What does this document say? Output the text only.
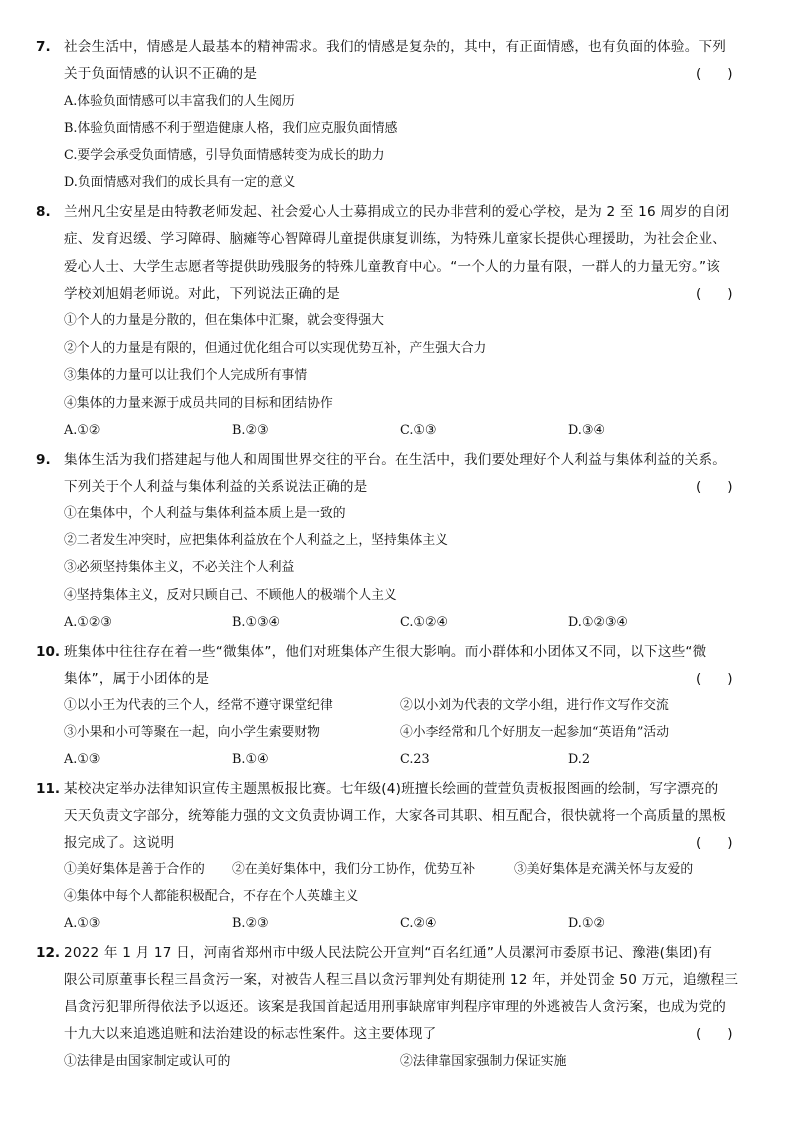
7. 社会生活中，情感是人最基本的精神需求。我们的情感是复杂的，其中，有正面情感，也有负面的体验。下列
关于负面情感的认识不正确的是	(      )
A.体验负面情感可以丰富我们的人生阅历
B.体验负面情感不利于塑造健康人格，我们应克服负面情感
C.要学会承受负面情感，引导负面情感转变为成长的助力
D.负面情感对我们的成长具有一定的意义
8. 兰州凡尘安星是由特教老师发起、社会爱心人士募捐成立的民办非营利的爱心学校，是为 2 至 16 周岁的自闭
症、发育迟缓、学习障碍、脑瘫等心智障碍儿童提供康复训练，为特殊儿童家长提供心理援助，为社会企业、
爱心人士、大学生志愿者等提供助残服务的特殊儿童教育中心。“一个人的力量有限，一群人的力量无穷。”该
学校刘旭娟老师说。对此，下列说法正确的是	(      )
①个人的力量是分散的，但在集体中汇聚，就会变得强大
②个人的力量是有限的，但通过优化组合可以实现优势互补，产生强大合力
③集体的力量可以让我们个人完成所有事情
④集体的力量来源于成员共同的目标和团结协作
A.①②	B.②③	C.①③	D.③④
9. 集体生活为我们搭建起与他人和周围世界交往的平台。在生活中，我们要处理好个人利益与集体利益的关系。
下列关于个人利益与集体利益的关系说法正确的是	(      )
①在集体中，个人利益与集体利益本质上是一致的
②二者发生冲突时，应把集体利益放在个人利益之上，坚持集体主义
③必须坚持集体主义，不必关注个人利益
④坚持集体主义，反对只顾自己、不顾他人的极端个人主义
A.①②③	B.①③④	C.①②④	D.①②③④
10. 班集体中往往存在着一些“微集体”，他们对班集体产生很大影响。而小群体和小团体又不同，以下这些“微
集体”，属于小团体的是	(      )
①以小王为代表的三个人，经常不遵守课堂纪律	②以小刘为代表的文学小组，进行作文写作交流
③小果和小可等聚在一起，向小学生索要财物	④小李经常和几个好朋友一起参加“英语角”活动
A.①③	B.①④	C.23	D.2
11. 某校决定举办法律知识宣传主题黑板报比赛。七年级(4)班擅长绘画的萱萱负责板报图画的绘制，写字漂亮的
天天负责文字部分，统筹能力强的文文负责协调工作，大家各司其职、相互配合，很快就将一个高质量的黑板
报完成了。这说明	(      )
①美好集体是善于合作的 ②在美好集体中，我们分工协作，优势互补	③美好集体是充满关怀与友爱的
④集体中每个人都能积极配合，不存在个人英雄主义
A.①③	B.②③	C.②④	D.①②
12. 2022 年 1 月 17 日，河南省郑州市中级人民法院公开宣判“百名红通”人员漯河市委原书记、豫港(集团)有
限公司原董事长程三昌贪污一案，对被告人程三昌以贪污罪判处有期徒刑 12 年，并处罚金 50 万元，追缴程三
昌贪污犯罪所得依法予以返还。该案是我国首起适用刑事缺席审判程序审理的外逃被告人贪污案，也成为党的
十九大以来追逃追赃和法治建设的标志性案件。这主要体现了	(      )
①法律是由国家制定或认可的	②法律靠国家强制力保证实施
